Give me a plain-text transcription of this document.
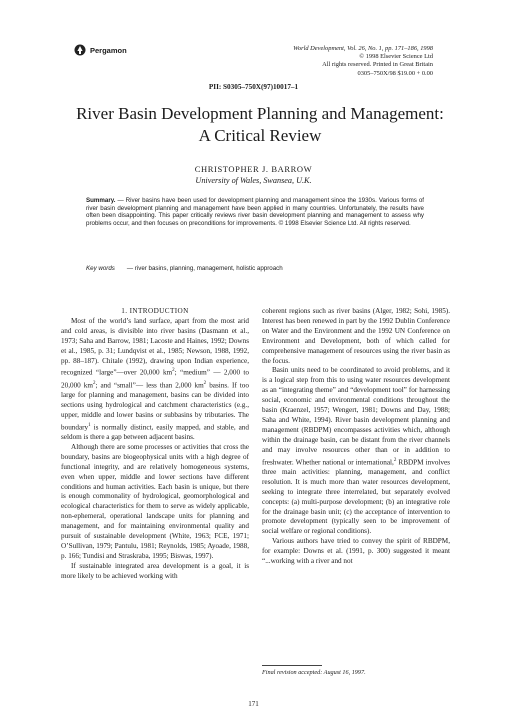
Pergamon	World Development, Vol. 26, No. 1, pp. 171–186, 1998
© 1998 Elsevier Science Ltd
All rights reserved. Printed in Great Britain
0305–750X/98 $19.00 + 0.00
PII: S0305–750X(97)10017–1
River Basin Development Planning and Management:
A Critical Review
CHRISTOPHER J. BARROW
University of Wales, Swansea, U.K.
Summary. — River basins have been used for development planning and management since the 1930s. Various forms of river basin development planning and management have been applied in many countries. Unfortunately, the results have often been disappointing. This paper critically reviews river basin development planning and management to assess why problems occur, and then focuses on preconditions for improvements. © 1998 Elsevier Science Ltd. All rights reserved.
Key words — river basins, planning, management, holistic approach

1. INTRODUCTION

Most of the world’s land surface, apart from the most arid and cold areas, is divisible into river basins (Dasmann et al., 1973; Saha and Barrow, 1981; Lacoste and Haines, 1992; Downs et al., 1985, p. 31; Lundqvist et al., 1985; Newson, 1988, 1992, pp. 88–187). Chitale (1992), drawing upon Indian experience, recognized “large”—over 20,000 $km^2$; “medium” — 2,000 to 20,000 $km^2$; and “small”— less than 2,000 $km^2$ basins. If too large for planning and management, basins can be divided into sections using hydrological and catchment characteristics (e.g., upper, middle and lower basins or subbasins by tributaries. The boundary$^1$ is normally distinct, easily mapped, and stable, and seldom is there a gap between adjacent basins.

Although there are some processes or activities that cross the boundary, basins are biogeophysical units with a high degree of functional integrity, and are relatively homogeneous systems, even when upper, middle and lower sections have different conditions and human activities. Each basin is unique, but there is enough commonality of hydrological, geomorphological and ecological characteristics for them to serve as widely applicable, non-ephemeral, operational landscape units for planning and management, and for maintaining environmental quality and pursuit of sustainable development (White, 1963; FCE, 1971; O’Sullivan, 1979; Pantulu, 1981; Reynolds, 1985; Ayoade, 1988, p. 166; Tundisi and Straskraba, 1995; Biswas, 1997).

If sustainable integrated area development is a goal, it is more likely to be achieved working with

coherent regions such as river basins (Alger, 1982; Sohi, 1985). Interest has been renewed in part by the 1992 Dublin Conference on Water and the Environment and the 1992 UN Conference on Environment and Development, both of which called for comprehensive management of resources using the river basin as the focus.

Basin units need to be coordinated to avoid problems, and it is a logical step from this to using water resources development as an “integrating theme” and “development tool” for harnessing social, economic and environmental conditions throughout the basin (Kraenzel, 1957; Wengert, 1981; Downs and Day, 1988; Saha and White, 1994). River basin development planning and management (RBDPM) encompasses activities which, although within the drainage basin, can be distant from the river channels and may involve resources other than or in addition to freshwater. Whether national or international,$^2$ RBDPM involves three main activities: planning, management, and conflict resolution. It is much more than water resources development, seeking to integrate three interrelated, but separately evolved concepts: (a) multi-purpose development; (b) an integrative role for the drainage basin unit; (c) the acceptance of intervention to promote development (typically seen to be improvement of social welfare or regional conditions).

Various authors have tried to convey the spirit of RBDPM, for example: Downs et al. (1991, p. 300) suggested it meant “...working with a river and not

Final revision accepted: August 16, 1997.
171
